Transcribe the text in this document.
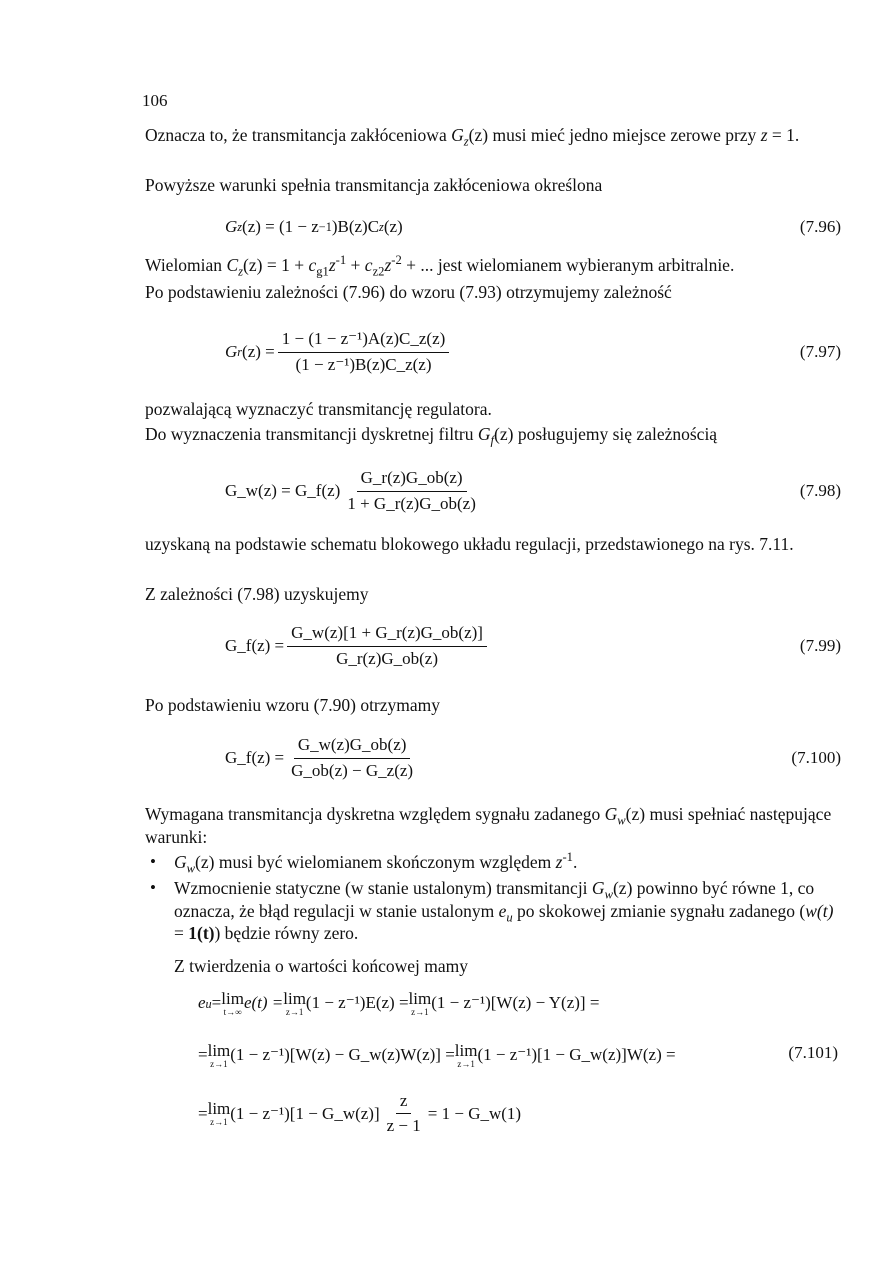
106
Oznacza to, że transmitancja zakłóceniowa $G_z(z)$ musi mieć jedno miejsce zerowe przy z = 1.
Powyższe warunki spełnia transmitancja zakłóceniowa określona
G z (z) = (1 − z −1 )B(z)C z (z)	(7.96)
Wielomian $C_z(z) = 1 + c_{g1}z^{-1} + c_{z2}z^{-2}$ + ... jest wielomianem wybieranym arbitralnie.
Po podstawieniu zależności (7.96) do wzoru (7.93) otrzymujemy zależność
G r $(z) = \frac{\text{1 − (1 − z⁻¹)A(z)C\_z(z)}}{\text{(1 − z⁻¹)B(z)C\_z(z)}}$	(7.97)
pozwalającą wyznaczyć transmitancję regulatora.
Do wyznaczenia transmitancji dyskretnej filtru $G_f(z)$ posługujemy się zależnością
G_w(z) = G_f(z) $\frac{G\_r(z)G\_ob(z)}{1 + G\_r(z)G\_ob(z)}$	(7.98)
uzyskaną na podstawie schematu blokowego układu regulacji, przedstawionego na rys. 7.11.
Z zależności (7.98) uzyskujemy
G_f(z) = $\frac{G\_w(z)[1 + G\_r(z)G\_ob(z)]}{G\_r(z)G\_ob(z)}$	(7.99)
Po podstawieniu wzoru (7.90) otrzymamy
G_f(z) = $\frac{G\_w(z)G\_ob(z)}{G\_ob(z) - G\_z(z)}$	(7.100)
Wymagana transmitancja dyskretna względem sygnału zadanego $G_w(z)$ musi spełniać następujące warunki:
• $G_w(z)$ musi być wielomianem skończonym względem $z^{-1}$.
• Wzmocnienie statyczne (w stanie ustalonym) transmitancji $G_w(z)$ powinno być równe 1, co oznacza, że błąd regulacji w stanie ustalonym $e_u$ po skokowej zmianie sygnału zadanego (w(t) = 1(t)) będzie równy zero.
Z twierdzenia o wartości końcowej mamy
e u = lim
t→∞ e(t) = lim
z→1 (1 − z⁻¹)E(z) = lim
z→1 (1 − z⁻¹)[W(z) − Y(z)] =
= lim
z→1 (1 − z⁻¹)[W(z) − G_w(z)W(z)] = lim
z→1 (1 − z⁻¹)[1 − G_w(z)]W(z) =	(7.101)
= lim
z→1 (1 − z⁻¹)[1 − G_w(z)] $\frac{z}{z - 1} = 1$ − G_w(1)
